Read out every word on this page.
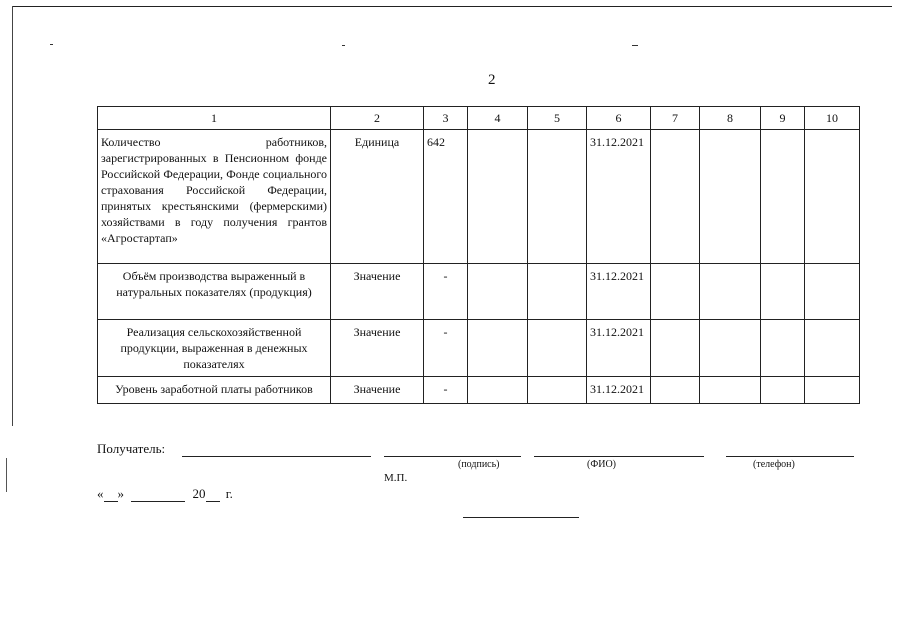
2
1	2	3	4	5	6	7	8	9	10
Количество работников, зарегистрированных в Пенсионном фонде Российской Федерации, Фонде социального страхования Российской Федерации, принятых крестьянскими (фермерскими) хозяйствами в году получения грантов «Агростартап»	Единица	642			31.12.2021				
Объём производства выраженный в натуральных показателях (продукция)	Значение	-			31.12.2021				
Реализация сельскохозяйственной продукции, выраженная в денежных показателях	Значение	-			31.12.2021				
Уровень заработной платы работников	Значение	-			31.12.2021				
Получатель:
(подпись)	(ФИО)	(телефон)
М.П.
« »	20 г.
